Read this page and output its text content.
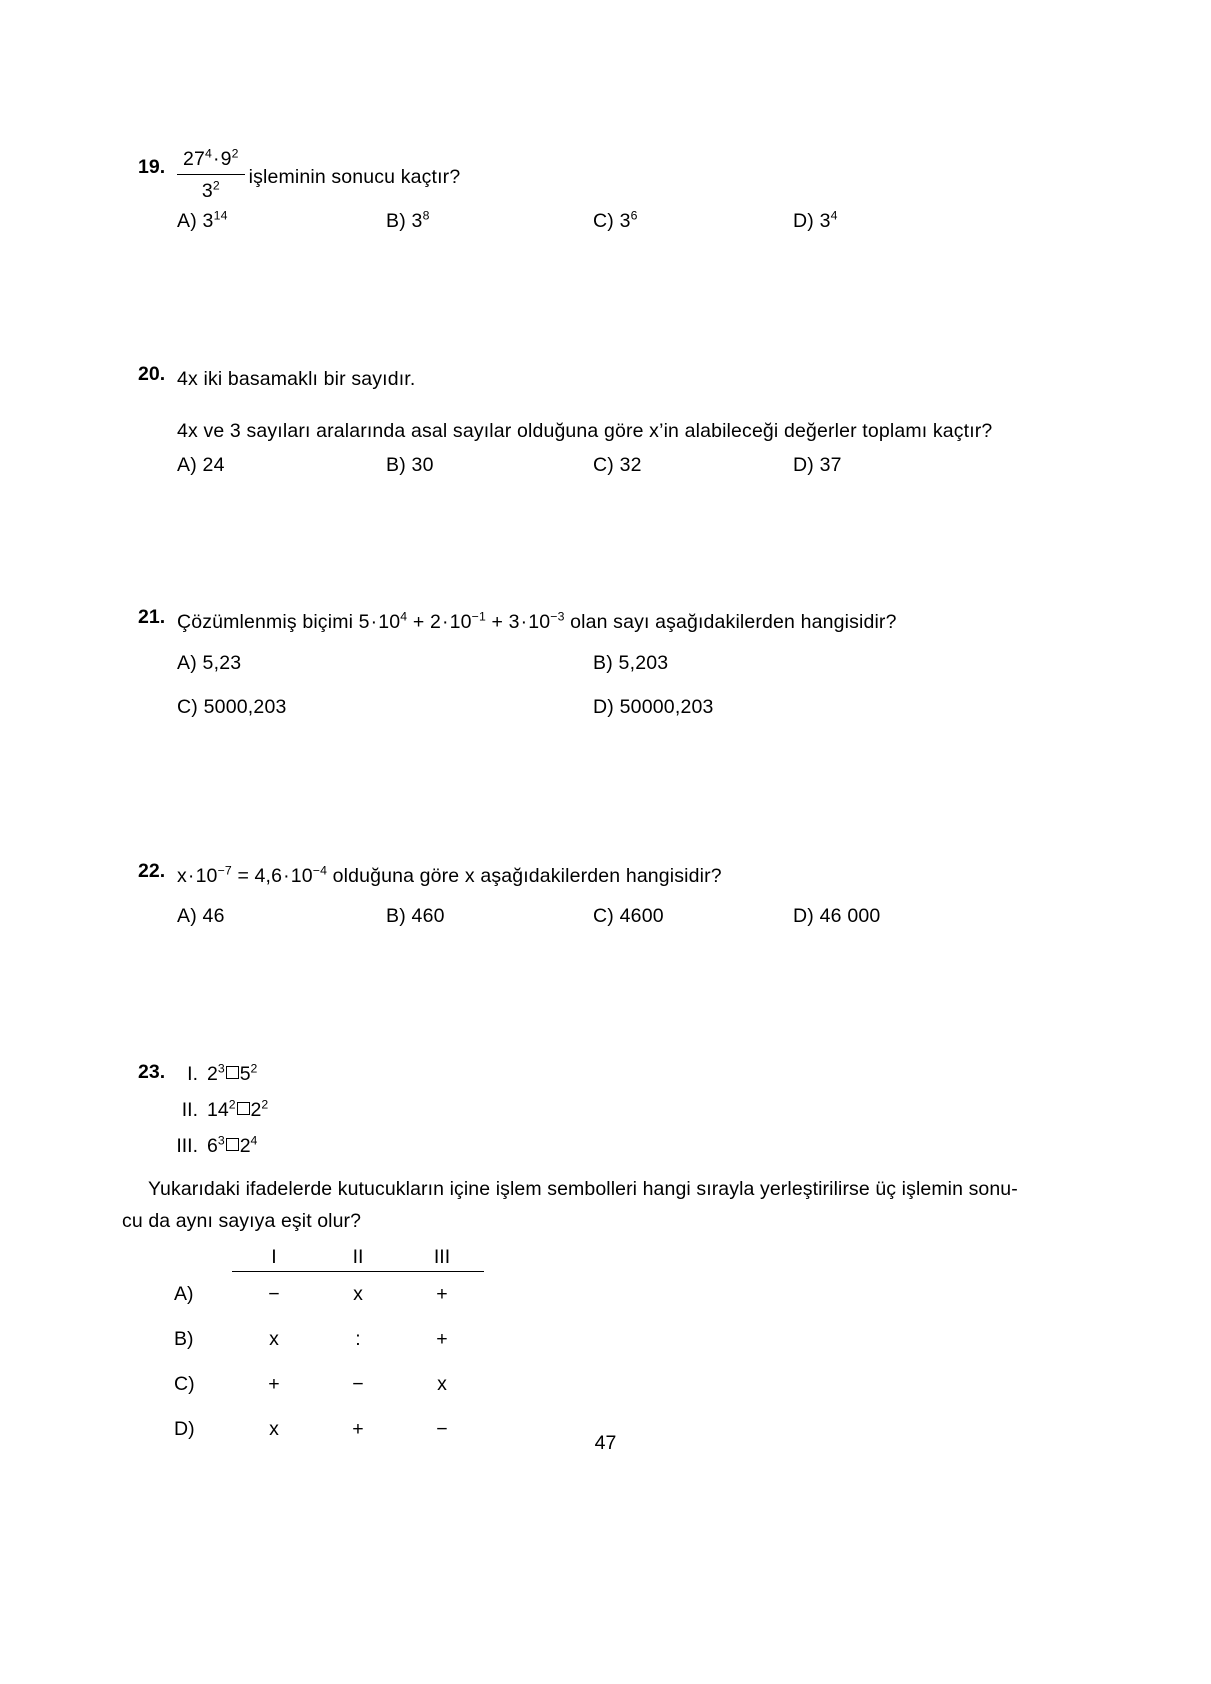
19. $\frac{27^4\cdot 9^2}{3^2}$ işleminin sonucu kaçtır?
A) $3^{14}$	B) $3^8$	C) $3^6$	D) $3^4$
20. 4x iki basamaklı bir sayıdır.
4x ve 3 sayıları aralarında asal sayılar olduğuna göre x’in alabileceği değerler toplamı kaçtır?
A) 24	B) 30	C) 32	D) 37
21. Çözümlenmiş biçimi $5\cdot 10^4 + 2\cdot 10^{-1} + 3\cdot 10^{-3}$ olan sayı aşağıdakilerden hangisidir?
A) 5,23	B) 5,203
C) 5000,203	D) 50000,203
22. $x\cdot 10^{-7} = 4,6\cdot 10^{-4}$ olduğuna göre x aşağıdakilerden hangisidir?
A) 46	B) 460	C) 4600	D) 46 000
23.	I. $2^3$ $5^2$
II. $14^2$ $2^2$
III. $6^3$ $2^4$
Yukarıdaki ifadelerde kutucukların içine işlem sembolleri hangi sırayla yerleştirilirse üç işlemin sonu-
cu da aynı sayıya eşit olur?
	I	II	III
A)	−	x	+
B)	x	:	+
C)	+	−	x
D)	x	+	−
47
